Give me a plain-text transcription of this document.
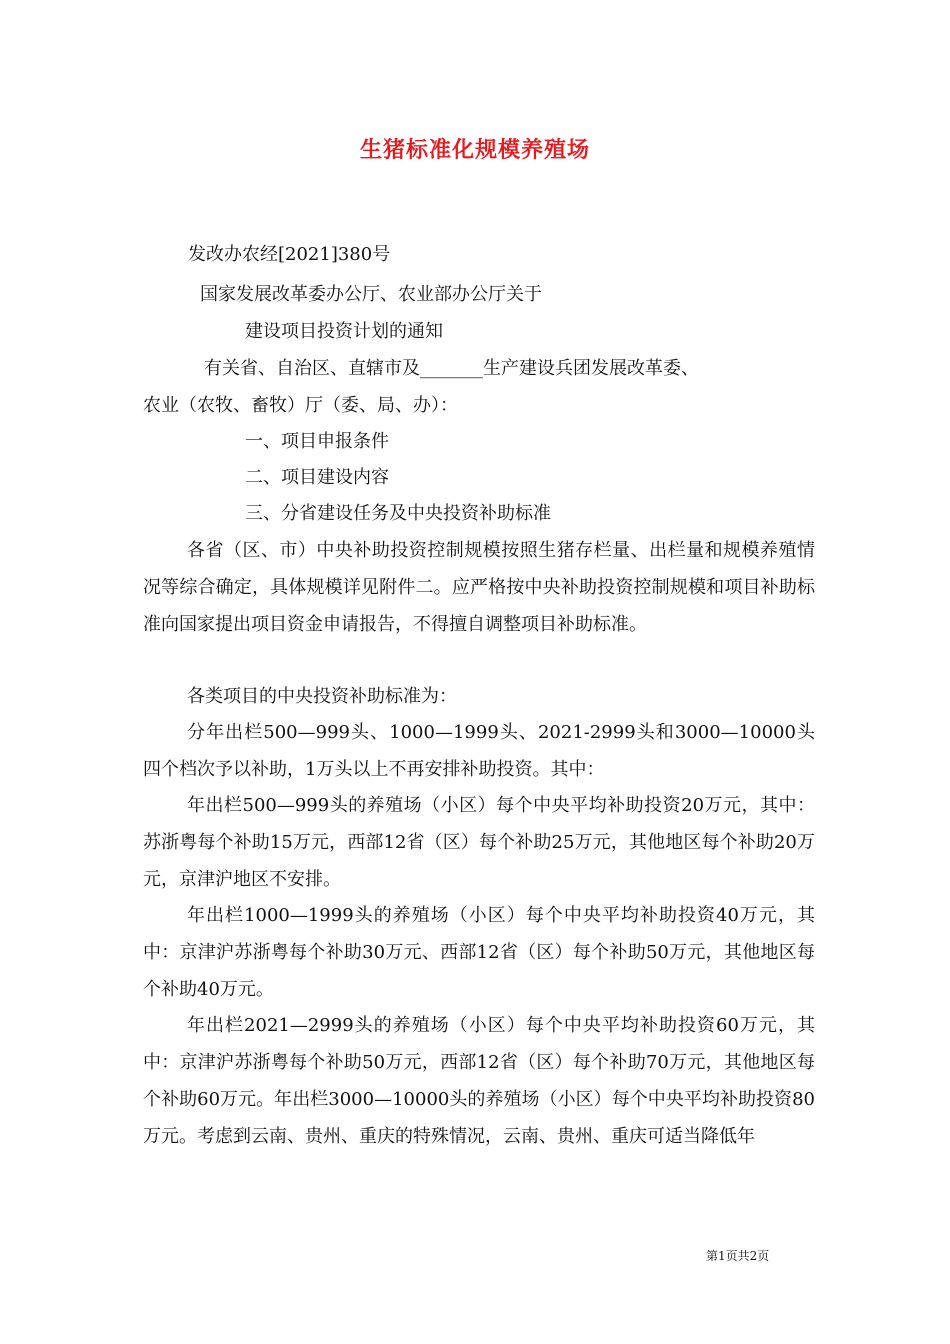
生猪标准化规模养殖场
发改办农经[2021]380号
国家发展改革委办公厅、农业部办公厅关于
建设项目投资计划的通知
有关省、自治区、直辖市及_______生产建设兵团发展改革委、
农业（农牧、畜牧）厅（委、局、办）：
一、项目申报条件
二、项目建设内容
三、分省建设任务及中央投资补助标准
各省（区、市）中央补助投资控制规模按照生猪存栏量、出栏量和规模养殖情况等综合确定，具体规模详见附件二。应严格按中央补助投资控制规模和项目补助标准向国家提出项目资金申请报告，不得擅自调整项目补助标准。
各类项目的中央投资补助标准为：
分年出栏500—999头、1000—1999头、2021-2999头和3000—10000头四个档次予以补助，1万头以上不再安排补助投资。其中：
年出栏500—999头的养殖场（小区）每个中央平均补助投资20万元，其中：苏浙粤每个补助15万元，西部12省（区）每个补助25万元，其他地区每个补助20万元，京津沪地区不安排。
年出栏1000—1999头的养殖场（小区）每个中央平均补助投资40万元，其中：京津沪苏浙粤每个补助30万元、西部12省（区）每个补助50万元，其他地区每个补助40万元。
年出栏2021—2999头的养殖场（小区）每个中央平均补助投资60万元，其中：京津沪苏浙粤每个补助50万元，西部12省（区）每个补助70万元，其他地区每个补助60万元。年出栏3000—10000头的养殖场（小区）每个中央平均补助投资80万元。考虑到云南、贵州、重庆的特殊情况，云南、贵州、重庆可适当降低年
第1页共2页
